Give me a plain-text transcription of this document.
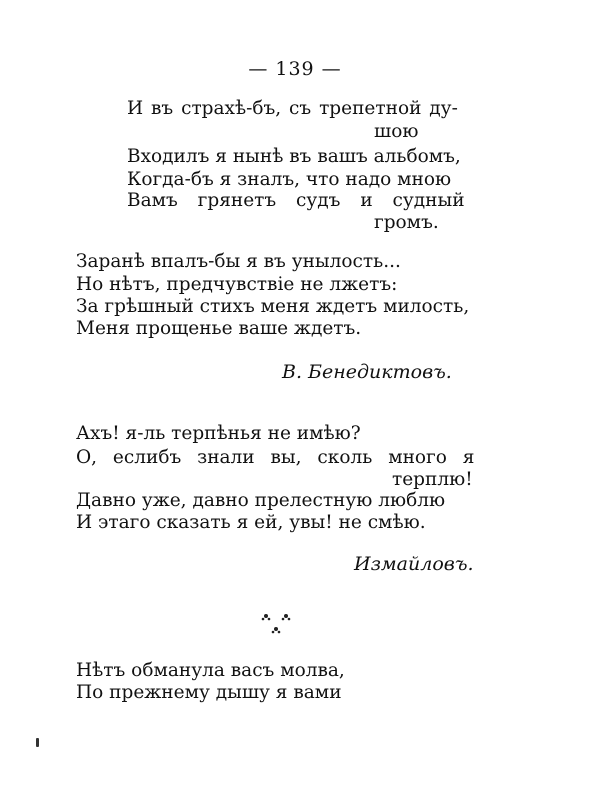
— 139 —
И въ страхѣ-бъ, съ трепетной ду-
шою
Входилъ я нынѣ въ вашъ альбомъ,
Когда-бъ я зналъ, что надо мною
Вамъ грянетъ судъ и судный
громъ.
Заранѣ впалъ-бы я въ унылость...
Но нѣтъ, предчувствіе не лжетъ:
За грѣшный стихъ меня ждетъ милость,
Меня прощенье ваше ждетъ.
В. Бенедиктовъ.
Ахъ! я-ль терпѣнья не имѣю?
О, еслибъ знали вы, сколь много я
терплю!
Давно уже, давно прелестную люблю
И этаго сказать я ей, увы! не смѣю.
Измайловъ.
Нѣтъ обманула васъ молва,
По прежнему дышу я вами
